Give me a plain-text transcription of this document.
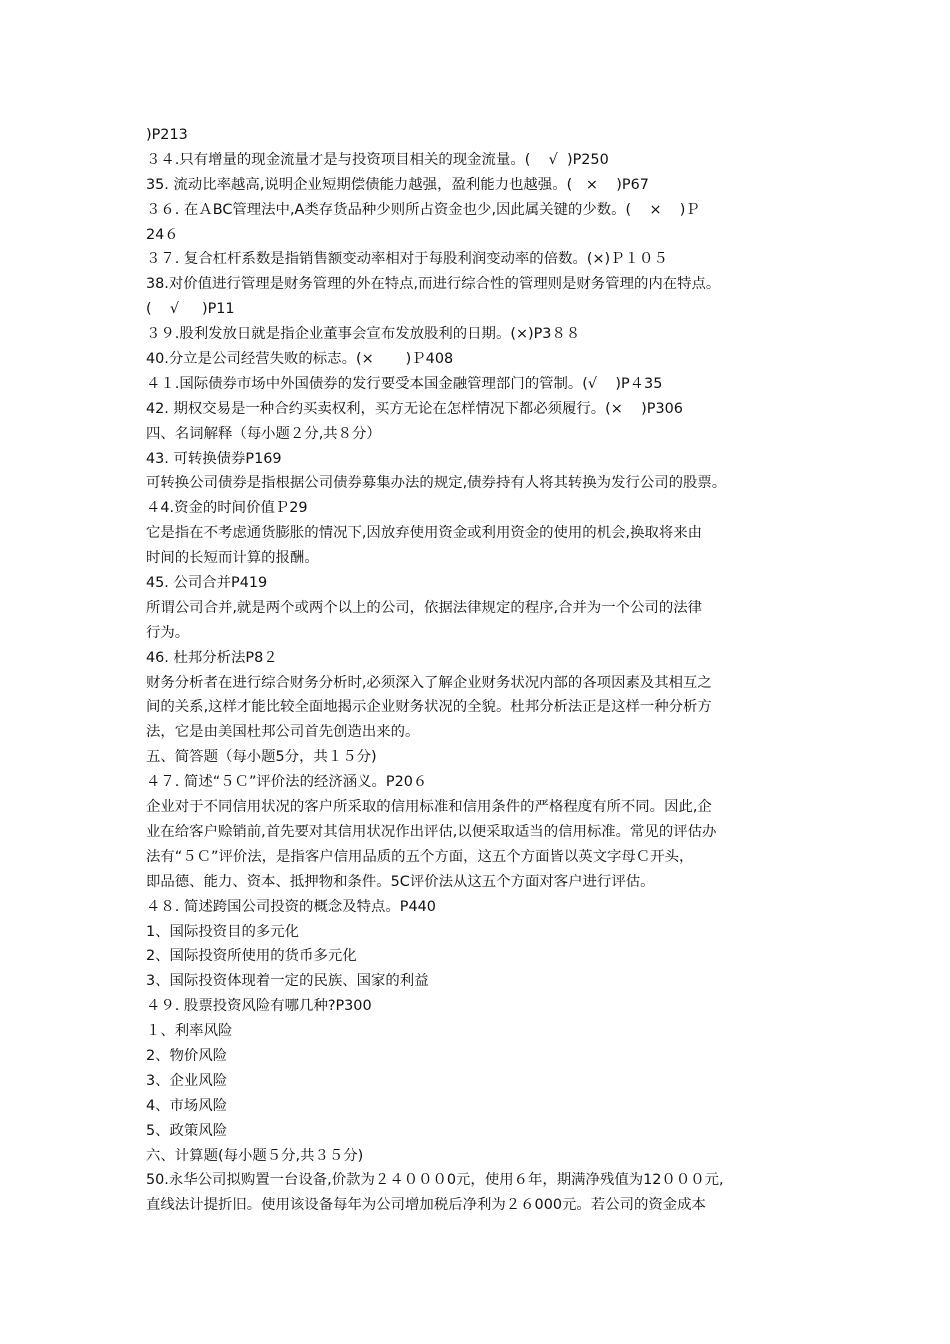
)P213
３４.只有增量的现金流量才是与投资项目相关的现金流量。(    √  )P250
35. 流动比率越高,说明企业短期偿债能力越强，盈利能力也越强。(   ×    )P67
３６. 在ＡBC管理法中,A类存货品种少则所占资金也少,因此属关键的少数。(    ×    )Ｐ
24６
３７. 复合杠杆系数是指销售额变动率相对于每股利润变动率的倍数。(×)Ｐ１０５
38.对价值进行管理是财务管理的外在特点,而进行综合性的管理则是财务管理的内在特点。
(    √     )P11
３９.股利发放日就是指企业董事会宣布发放股利的日期。(×)P3８８
40.分立是公司经营失败的标志。(×       )Ｐ408
４１.国际债券市场中外国债券的发行要受本国金融管理部门的管制。(√    )P４35
42. 期权交易是一种合约买卖权利，买方无论在怎样情况下都必须履行。(×    )P306
四、名词解释（每小题２分,共８分）
43. 可转换债券P169
可转换公司债券是指根据公司债券募集办法的规定,债券持有人将其转换为发行公司的股票。
４4.资金的时间价值Ｐ29
它是指在不考虑通货膨胀的情况下,因放弃使用资金或利用资金的使用的机会,换取将来由
时间的长短而计算的报酬。
45. 公司合并P419
所谓公司合并,就是两个或两个以上的公司，依据法律规定的程序,合并为一个公司的法律
行为。
46. 杜邦分析法P8２
财务分析者在进行综合财务分析时,必须深入了解企业财务状况内部的各项因素及其相互之
间的关系,这样才能比较全面地揭示企业财务状况的全貌。杜邦分析法正是这样一种分析方
法，它是由美国杜邦公司首先创造出来的。
五、简答题（每小题5分，共１５分)
４７. 简述“５Ｃ”评价法的经济涵义。P20６
企业对于不同信用状况的客户所采取的信用标准和信用条件的严格程度有所不同。因此,企
业在给客户赊销前,首先要对其信用状况作出评估,以便采取适当的信用标准。常见的评估办
法有“５Ｃ”评价法，是指客户信用品质的五个方面，这五个方面皆以英文字母Ｃ开头，
即品德、能力、资本、抵押物和条件。5C评价法从这五个方面对客户进行评估。
４８. 简述跨国公司投资的概念及特点。P440
1、国际投资目的多元化
2、国际投资所使用的货币多元化
3、国际投资体现着一定的民族、国家的利益
４９. 股票投资风险有哪几种?P300
１、利率风险
2、物价风险
3、企业风险
4、市场风险
5、政策风险
六、计算题(每小题５分,共３５分)
50.永华公司拟购置一台设备,价款为２４０００0元，使用６年，期满净残值为12０００元,
直线法计提折旧。使用该设备每年为公司增加税后净利为２６000元。若公司的资金成本
